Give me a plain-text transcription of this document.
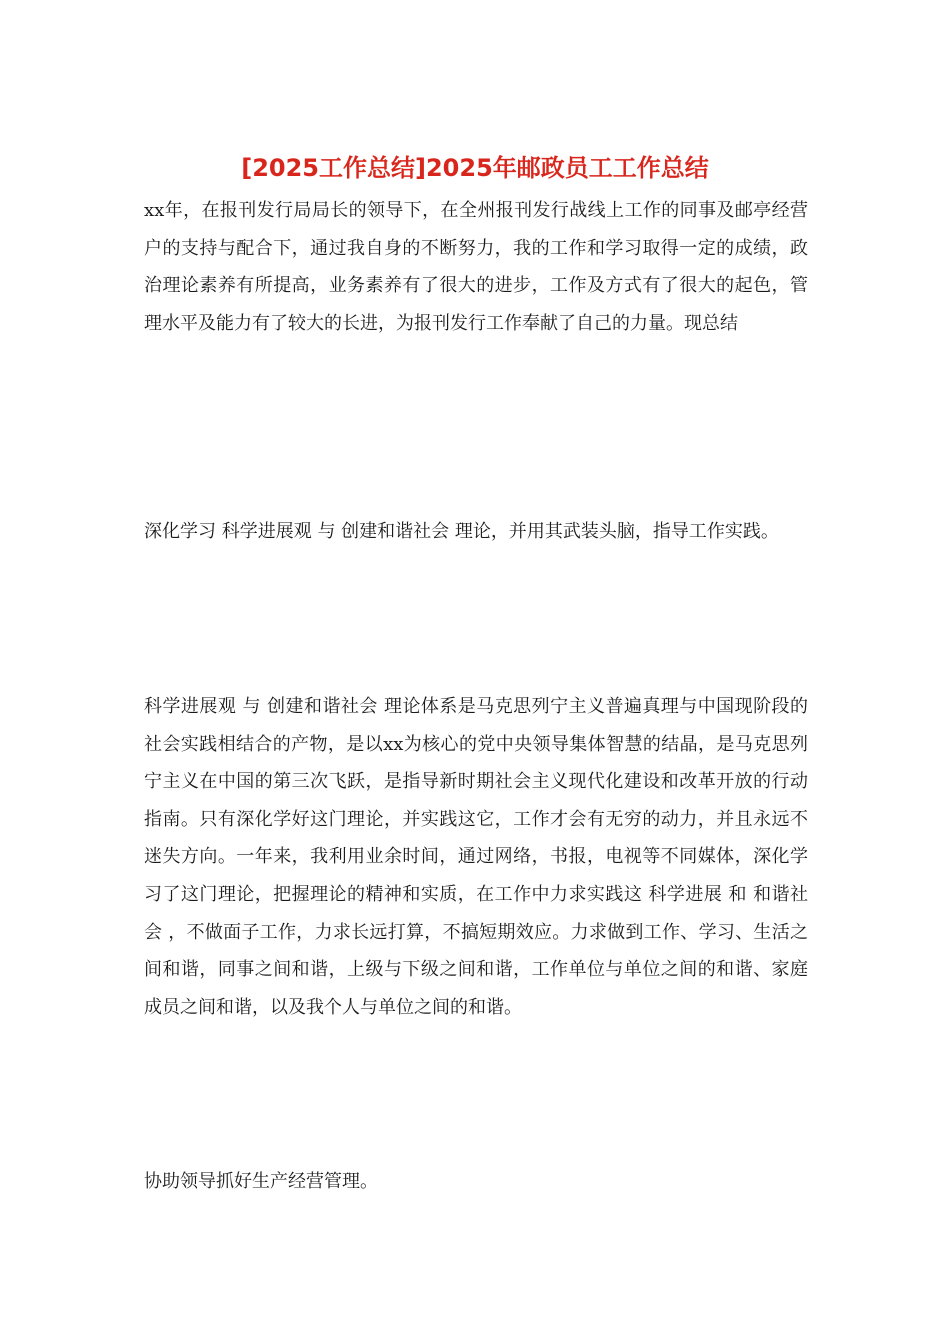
[2025工作总结]2025年邮政员工工作总结

xx年，在报刊发行局局长的领导下，在全州报刊发行战线上工作的同事及邮亭经营户的支持与配合下，通过我自身的不断努力，我的工作和学习取得一定的成绩，政治理论素养有所提高，业务素养有了很大的进步，工作及方式有了很大的起色，管理水平及能力有了较大的长进，为报刊发行工作奉献了自己的力量。现总结

深化学习 科学进展观 与 创建和谐社会 理论，并用其武装头脑，指导工作实践。

科学进展观 与 创建和谐社会 理论体系是马克思列宁主义普遍真理与中国现阶段的社会实践相结合的产物，是以xx为核心的党中央领导集体智慧的结晶，是马克思列宁主义在中国的第三次飞跃，是指导新时期社会主义现代化建设和改革开放的行动指南。只有深化学好这门理论，并实践这它，工作才会有无穷的动力，并且永远不迷失方向。一年来，我利用业余时间，通过网络，书报，电视等不同媒体，深化学习了这门理论，把握理论的精神和实质，在工作中力求实践这 科学进展 和 和谐社会 ，不做面子工作，力求长远打算，不搞短期效应。力求做到工作、学习、生活之间和谐，同事之间和谐，上级与下级之间和谐，工作单位与单位之间的和谐、家庭成员之间和谐，以及我个人与单位之间的和谐。

协助领导抓好生产经营管理。
